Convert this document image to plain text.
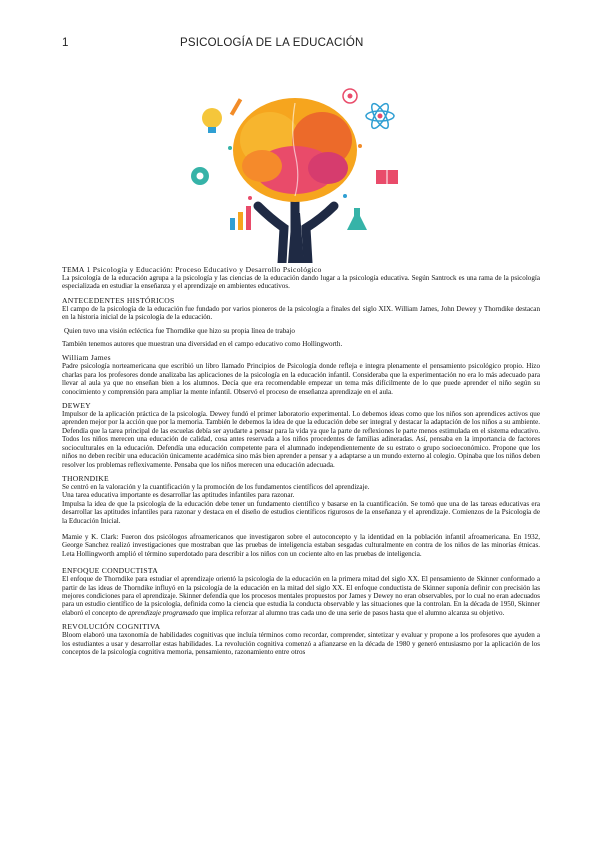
1	PSICOLOGÍA DE LA EDUCACIÓN
TEMA 1 Psicología y Educación: Proceso Educativo y Desarrollo Psicológico

La psicología de la educación agrupa a la psicología y las ciencias de la educación dando lugar a la psicología educativa. Según Santrock es una rama de la psicología especializada en estudiar la enseñanza y el aprendizaje en ambientes educativos.

ANTECEDENTES HISTÓRICOS

El campo de la psicología de la educación fue fundado por varios pioneros de la psicología a finales del siglo XIX. William James, John Dewey y Thorndike destacan en la historia inicial de la psicología de la educación.

Quien tuvo una visión ecléctica fue Thorndike que hizo su propia línea de trabajo

También tenemos autores que muestran una diversidad en el campo educativo como Hollingworth.

William James

Padre psicología norteamericana que escribió un libro llamado Principios de Psicología donde refleja e integra plenamente el pensamiento psicológico propio. Hizo charlas para los profesores donde analizaba las aplicaciones de la psicología en la educación infantil. Consideraba que la experimentación no era lo más adecuado para llevar al aula ya que no enseñan bien a los alumnos. Decía que era recomendable empezar un tema más difícilmente de lo que puede aprender el niño según su conocimiento y comprensión para ampliar la mente infantil. Observó el proceso de enseñanza aprendizaje en el aula.

DEWEY

Impulsor de la aplicación práctica de la psicología. Dewey fundó el primer laboratorio experimental. Lo debemos ideas como que los niños son aprendices activos que aprenden mejor por la acción que por la memoria. También le debemos la idea de que la educación debe ser integral y destacar la adaptación de los niños a su ambiente. Defendía que la tarea principal de las escuelas debía ser ayudarte a pensar para la vida ya que la parte de reflexiones le parte menos estimulada en el sistema educativo. Todos los niños merecen una educación de calidad, cosa antes reservada a los niños procedentes de familias adineradas. Así, pensaba en la importancia de factores socioculturales en la educación. Defendía una educación competente para el alumnado independientemente de su estrato o grupo socioeconómico. Propone que los niños no deben recibir una educación únicamente académica sino más bien aprender a pensar y a adaptarse a un mundo externo al colegio. Opinaba que los niños deben resolver los problemas reflexivamente. Pensaba que los niños merecen una educación adecuada.

THORNDIKE

Se centró en la valoración y la cuantificación y la promoción de los fundamentos científicos del aprendizaje.

Una tarea educativa importante es desarrollar las aptitudes infantiles para razonar.

Impulsa la idea de que la psicología de la educación debe tener un fundamento científico y basarse en la cuantificación. Se tomó que una de las tareas educativas era desarrollar las aptitudes infantiles para razonar y destaca en el diseño de estudios científicos rigurosos de la enseñanza y el aprendizaje. Comienzos de la Psicología de la Educación Inicial.

Mamie y K. Clark: Fueron dos psicólogos afroamericanos que investigaron sobre el autoconcepto y la identidad en la población infantil afroamericana. En 1932, George Sanchez realizó investigaciones que mostraban que las pruebas de inteligencia estaban sesgadas culturalmente en contra de los niños de las minorías étnicas. Leta Hollingworth amplió el término superdotado para describir a los niños con un cociente alto en las pruebas de inteligencia.

ENFOQUE CONDUCTISTA

El enfoque de Thorndike para estudiar el aprendizaje orientó la psicología de la educación en la primera mitad del siglo XX. El pensamiento de Skinner conformado a partir de las ideas de Thorndike influyó en la psicología de la educación en la mitad del siglo XX. El enfoque conductista de Skinner suponía definir con precisión las mejores condiciones para el aprendizaje. Skinner defendía que los procesos mentales propuestos por James y Dewey no eran observables, por lo cual no eran adecuados para un estudio científico de la psicología, definida como la ciencia que estudia la conducta observable y las situaciones que la controlan. En la década de 1950, Skinner elaboró el concepto de aprendizaje programado que implica reforzar al alumno tras cada uno de una serie de pasos hasta que el alumno alcanza su objetivo.

REVOLUCIÓN COGNITIVA

Bloom elaboró una taxonomía de habilidades cognitivas que incluía términos como recordar, comprender, sintetizar y evaluar y propone a los profesores que ayuden a los estudiantes a usar y desarrollar estas habilidades. La revolución cognitiva comenzó a afianzarse en la década de 1980 y generó entusiasmo por la aplicación de los conceptos de la psicología cognitiva memoria, pensamiento, razonamiento entre otros
